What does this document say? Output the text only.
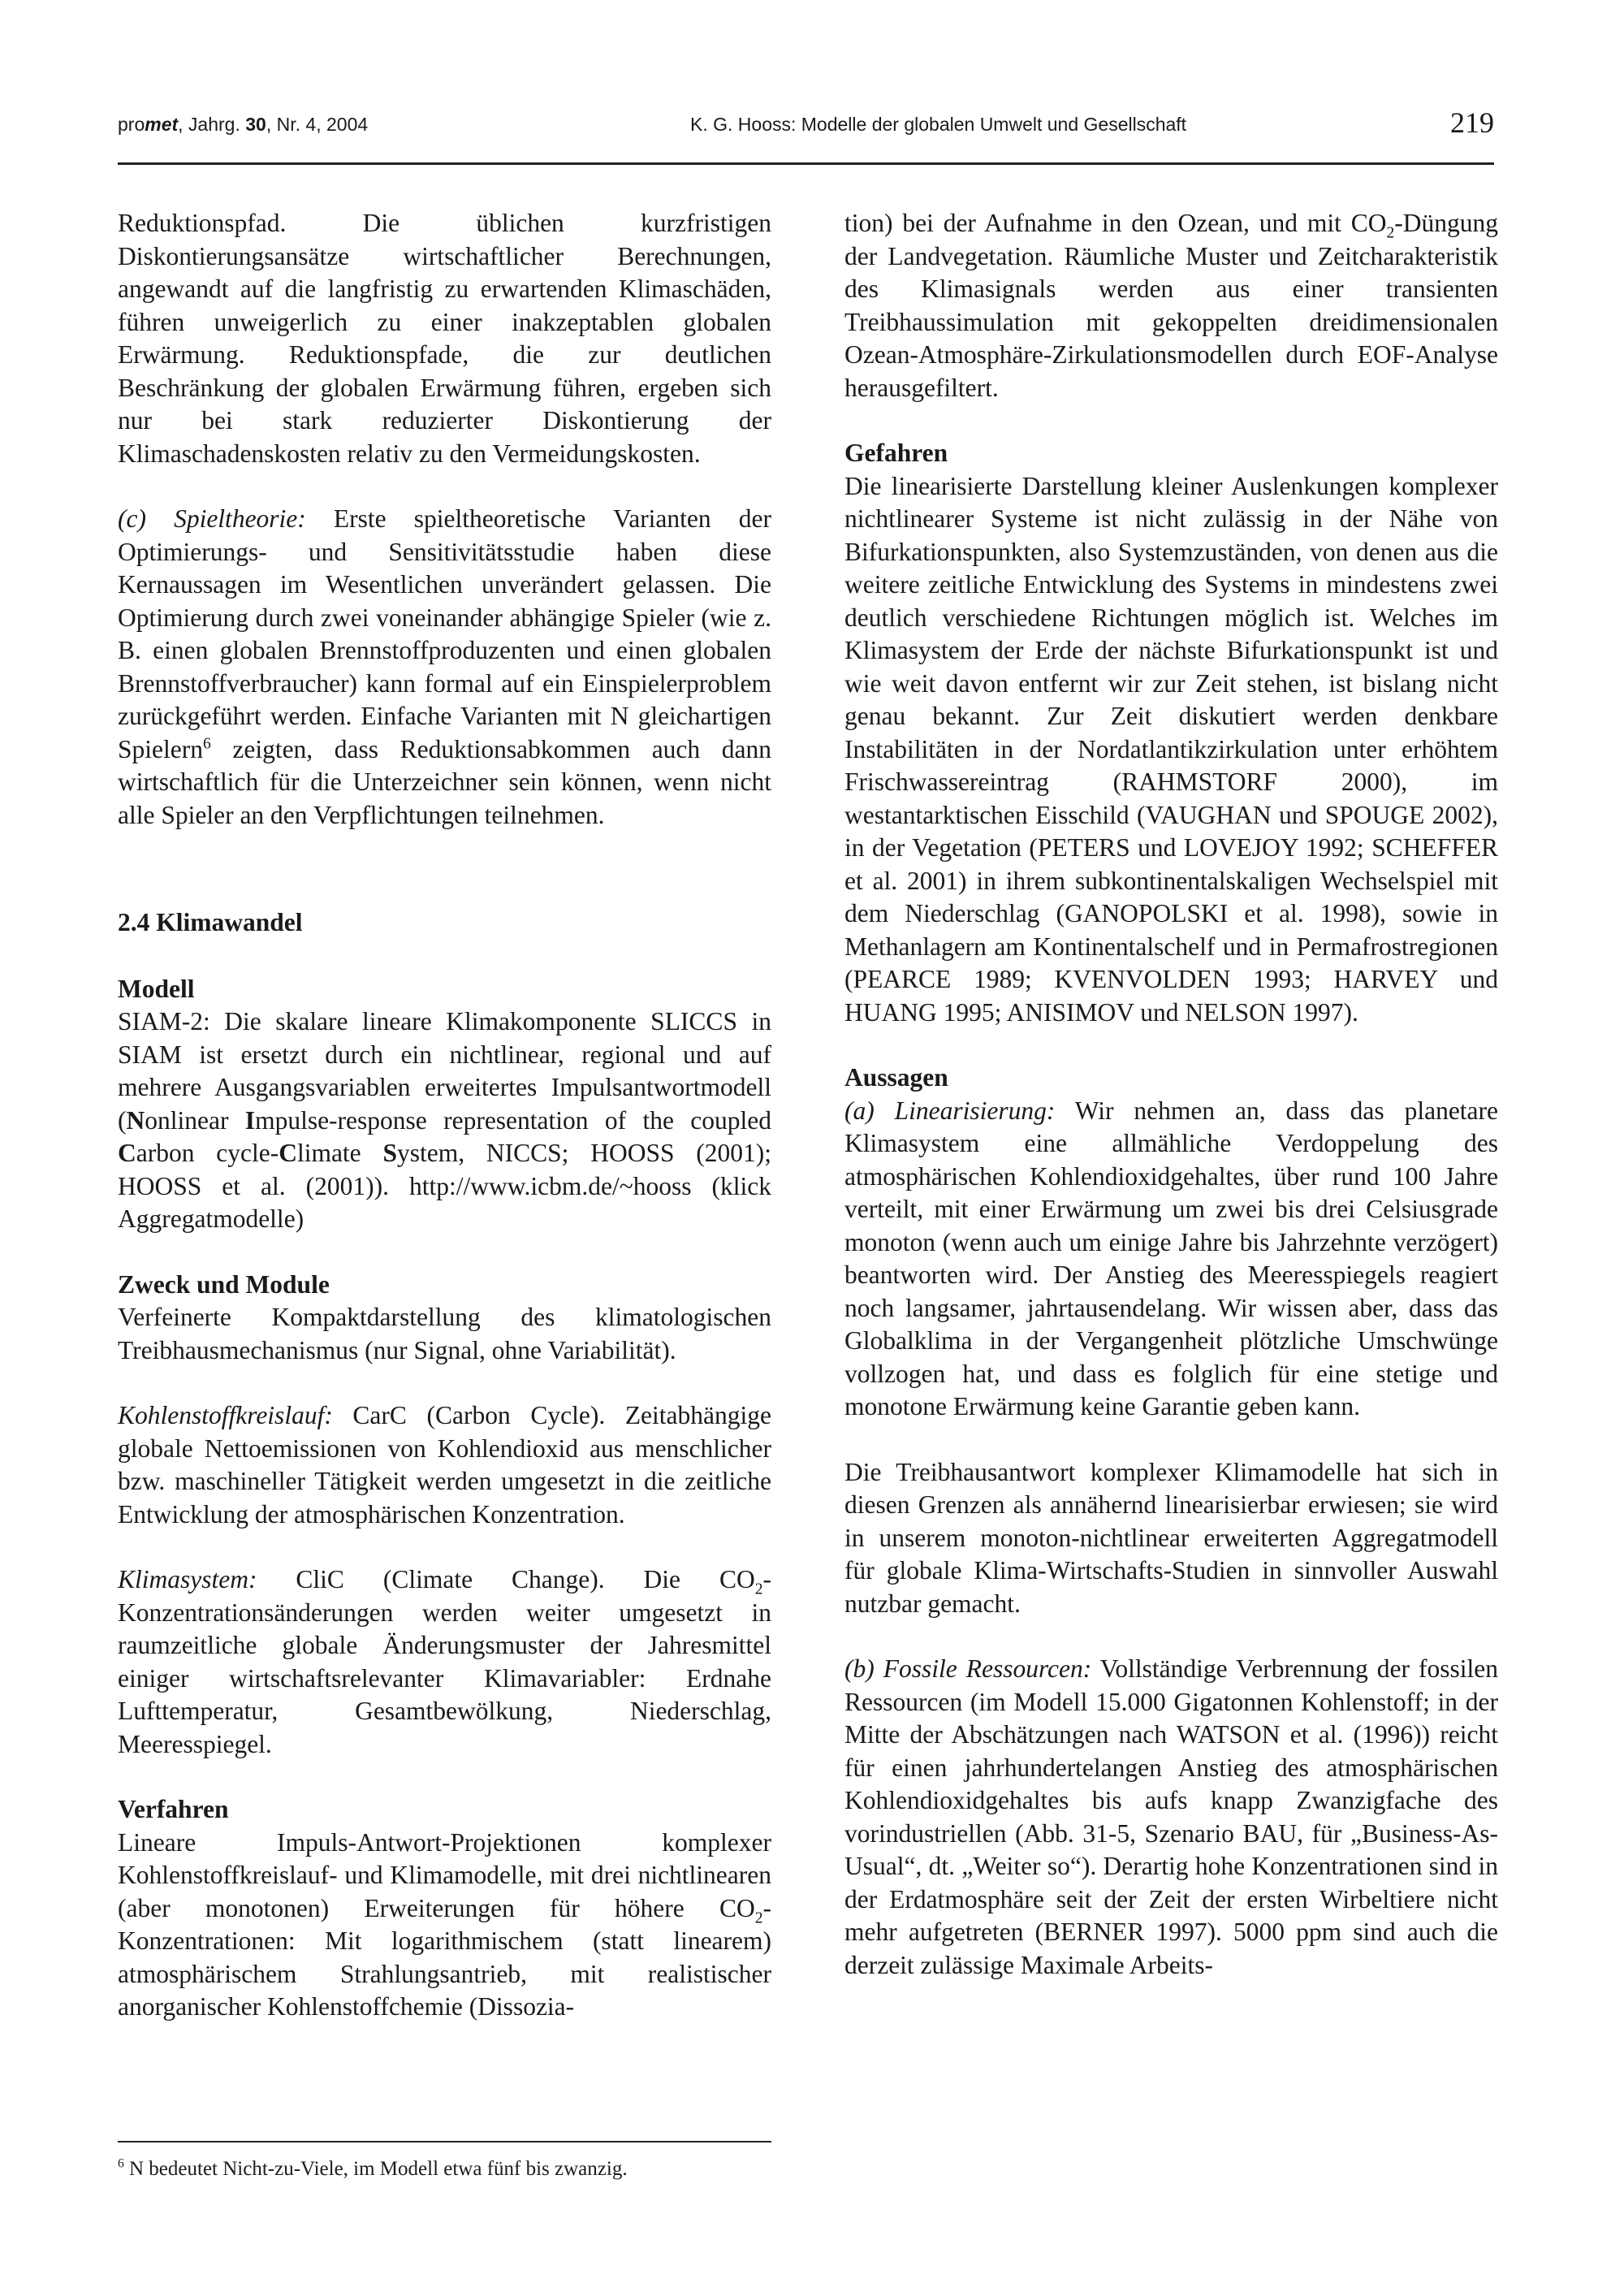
promet, Jahrg. 30, Nr. 4, 2004	K. G. Hooss: Modelle der globalen Umwelt und Gesellschaft	219

Reduktionspfad. Die üblichen kurzfristigen Diskontierungsansätze wirtschaftlicher Berechnungen, angewandt auf die langfristig zu erwartenden Klimaschäden, führen unweigerlich zu einer inakzeptablen globalen Erwärmung. Reduktionspfade, die zur deutlichen Beschränkung der globalen Erwärmung führen, ergeben sich nur bei stark reduzierter Diskontierung der Klimaschadenskosten relativ zu den Vermeidungskosten.

(c) Spieltheorie: Erste spieltheoretische Varianten der Optimierungs- und Sensitivitätsstudie haben diese Kernaussagen im Wesentlichen unverändert gelassen. Die Optimierung durch zwei voneinander abhängige Spieler (wie z. B. einen globalen Brennstoffproduzenten und einen globalen Brennstoffverbraucher) kann formal auf ein Einspielerproblem zurückgeführt werden. Einfache Varianten mit N gleichartigen Spielern$^6$ zeigten, dass Reduktionsabkommen auch dann wirtschaftlich für die Unterzeichner sein können, wenn nicht alle Spieler an den Verpflichtungen teilnehmen.

2.4 Klimawandel
Modell

SIAM-2: Die skalare lineare Klimakomponente SLICCS in SIAM ist ersetzt durch ein nichtlinear, regional und auf mehrere Ausgangsvariablen erweitertes Impulsantwortmodell (Nonlinear Impulse-response representation of the coupled Carbon cycle-Climate System, NICCS; HOOSS (2001); HOOSS et al. (2001)). http://www.icbm.de/~hooss (klick Aggregatmodelle)

Zweck und Module

Verfeinerte Kompaktdarstellung des klimatologischen Treibhausmechanismus (nur Signal, ohne Variabilität).

Kohlenstoffkreislauf: CarC (Carbon Cycle). Zeitabhängige globale Nettoemissionen von Kohlendioxid aus menschlicher bzw. maschineller Tätigkeit werden umgesetzt in die zeitliche Entwicklung der atmosphärischen Konzentration.

Klimasystem: CliC (Climate Change). Die $CO_2$-Konzentrationsänderungen werden weiter umgesetzt in raumzeitliche globale Änderungsmuster der Jahresmittel einiger wirtschaftsrelevanter Klimavariabler: Erdnahe Lufttemperatur, Gesamtbewölkung, Niederschlag, Meeresspiegel.

Verfahren

Lineare Impuls-Antwort-Projektionen komplexer Kohlenstoffkreislauf- und Klimamodelle, mit drei nichtlinearen (aber monotonen) Erweiterungen für höhere $CO_2$-Konzentrationen: Mit logarithmischem (statt linearem) atmosphärischem Strahlungsantrieb, mit realistischer anorganischer Kohlenstoffchemie (Dissozia-

tion) bei der Aufnahme in den Ozean, und mit $CO_2$-Düngung der Landvegetation. Räumliche Muster und Zeitcharakteristik des Klimasignals werden aus einer transienten Treibhaussimulation mit gekoppelten dreidimensionalen Ozean-Atmosphäre-Zirkulationsmodellen durch EOF-Analyse herausgefiltert.

Gefahren

Die linearisierte Darstellung kleiner Auslenkungen komplexer nichtlinearer Systeme ist nicht zulässig in der Nähe von Bifurkationspunkten, also Systemzuständen, von denen aus die weitere zeitliche Entwicklung des Systems in mindestens zwei deutlich verschiedene Richtungen möglich ist. Welches im Klimasystem der Erde der nächste Bifurkationspunkt ist und wie weit davon entfernt wir zur Zeit stehen, ist bislang nicht genau bekannt. Zur Zeit diskutiert werden denkbare Instabilitäten in der Nordatlantikzirkulation unter erhöhtem Frischwassereintrag (RAHMSTORF 2000), im westantarktischen Eisschild (VAUGHAN und SPOUGE 2002), in der Vegetation (PETERS und LOVEJOY 1992; SCHEFFER et al. 2001) in ihrem subkontinentalskaligen Wechselspiel mit dem Niederschlag (GANOPOLSKI et al. 1998), sowie in Methanlagern am Kontinentalschelf und in Permafrostregionen (PEARCE 1989; KVENVOLDEN 1993; HARVEY und HUANG 1995; ANISIMOV und NELSON 1997).

Aussagen

(a) Linearisierung: Wir nehmen an, dass das planetare Klimasystem eine allmähliche Verdoppelung des atmosphärischen Kohlendioxidgehaltes, über rund 100 Jahre verteilt, mit einer Erwärmung um zwei bis drei Celsiusgrade monoton (wenn auch um einige Jahre bis Jahrzehnte verzögert) beantworten wird. Der Anstieg des Meeresspiegels reagiert noch langsamer, jahrtausendelang. Wir wissen aber, dass das Globalklima in der Vergangenheit plötzliche Umschwünge vollzogen hat, und dass es folglich für eine stetige und monotone Erwärmung keine Garantie geben kann.

Die Treibhausantwort komplexer Klimamodelle hat sich in diesen Grenzen als annähernd linearisierbar erwiesen; sie wird in unserem monoton-nichtlinear erweiterten Aggregatmodell für globale Klima-Wirtschafts-Studien in sinnvoller Auswahl nutzbar gemacht.

(b) Fossile Ressourcen: Vollständige Verbrennung der fossilen Ressourcen (im Modell 15.000 Gigatonnen Kohlenstoff; in der Mitte der Abschätzungen nach WATSON et al. (1996)) reicht für einen jahrhundertelangen Anstieg des atmosphärischen Kohlendioxidgehaltes bis aufs knapp Zwanzigfache des vorindustriellen (Abb. 31-5, Szenario BAU, für „Business-As-Usual“, dt. „Weiter so“). Derartig hohe Konzentrationen sind in der Erdatmosphäre seit der Zeit der ersten Wirbeltiere nicht mehr aufgetreten (BERNER 1997). 5000 ppm sind auch die derzeit zulässige Maximale Arbeits-

$^6$ N bedeutet Nicht-zu-Viele, im Modell etwa fünf bis zwanzig.
